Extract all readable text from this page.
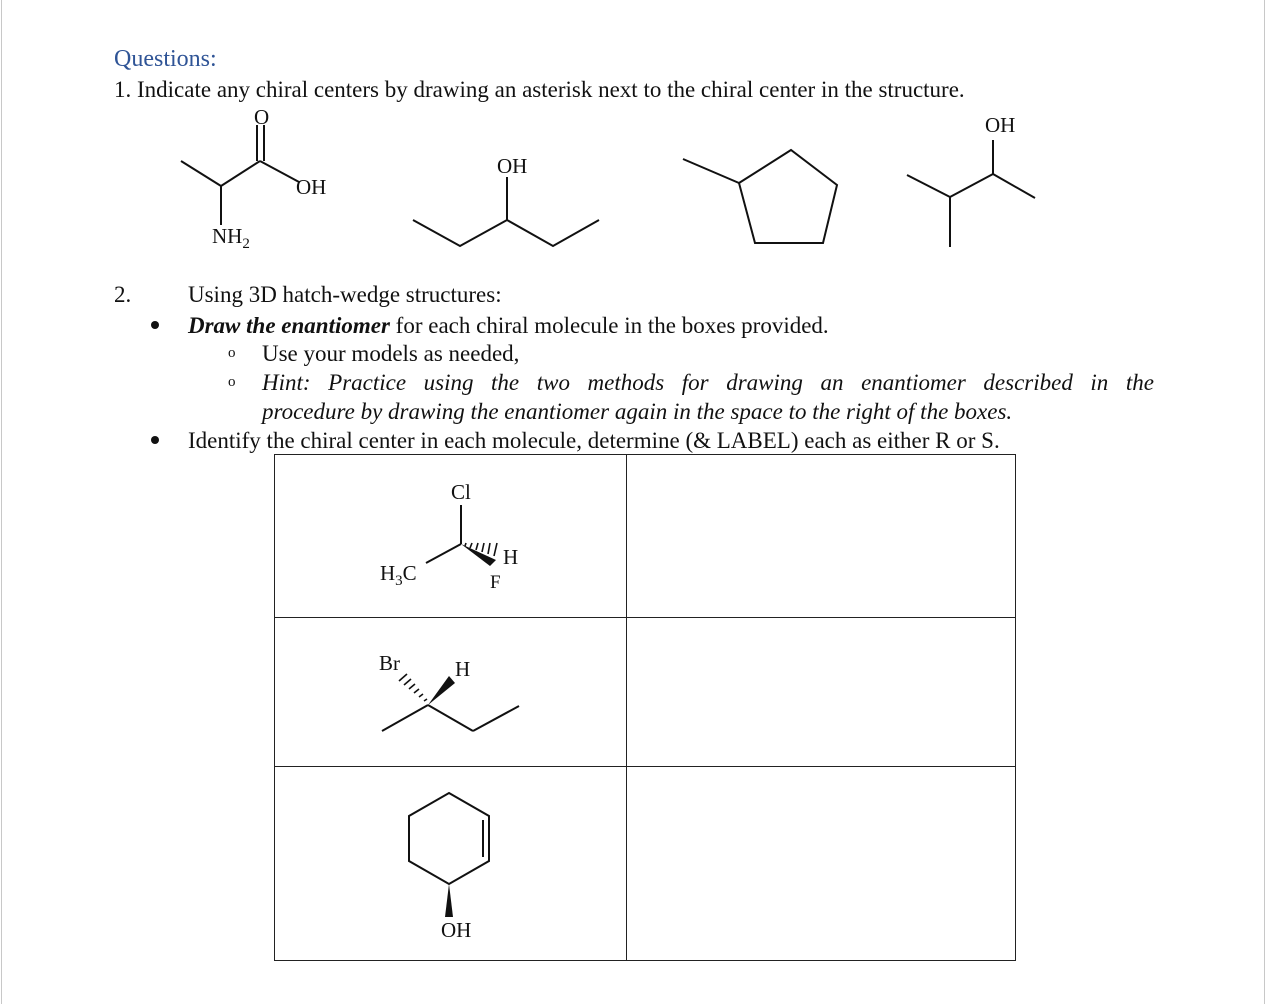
Questions:
1. Indicate any chiral centers by drawing an asterisk next to the chiral center in the structure.
2. Using 3D hatch-wedge structures:
Draw the enantiomer for each chiral molecule in the boxes provided.
o Use your models as needed,
o Hint: Practice using the two methods for drawing an enantiomer described in the
procedure by drawing the enantiomer again in the space to the right of the boxes.
Identify the chiral center in each molecule, determine (& LABEL) each as either R or S.
O
OH
$NH_2$
OH
OH
Cl
$H_3C$
H
F
Br	H
OH
